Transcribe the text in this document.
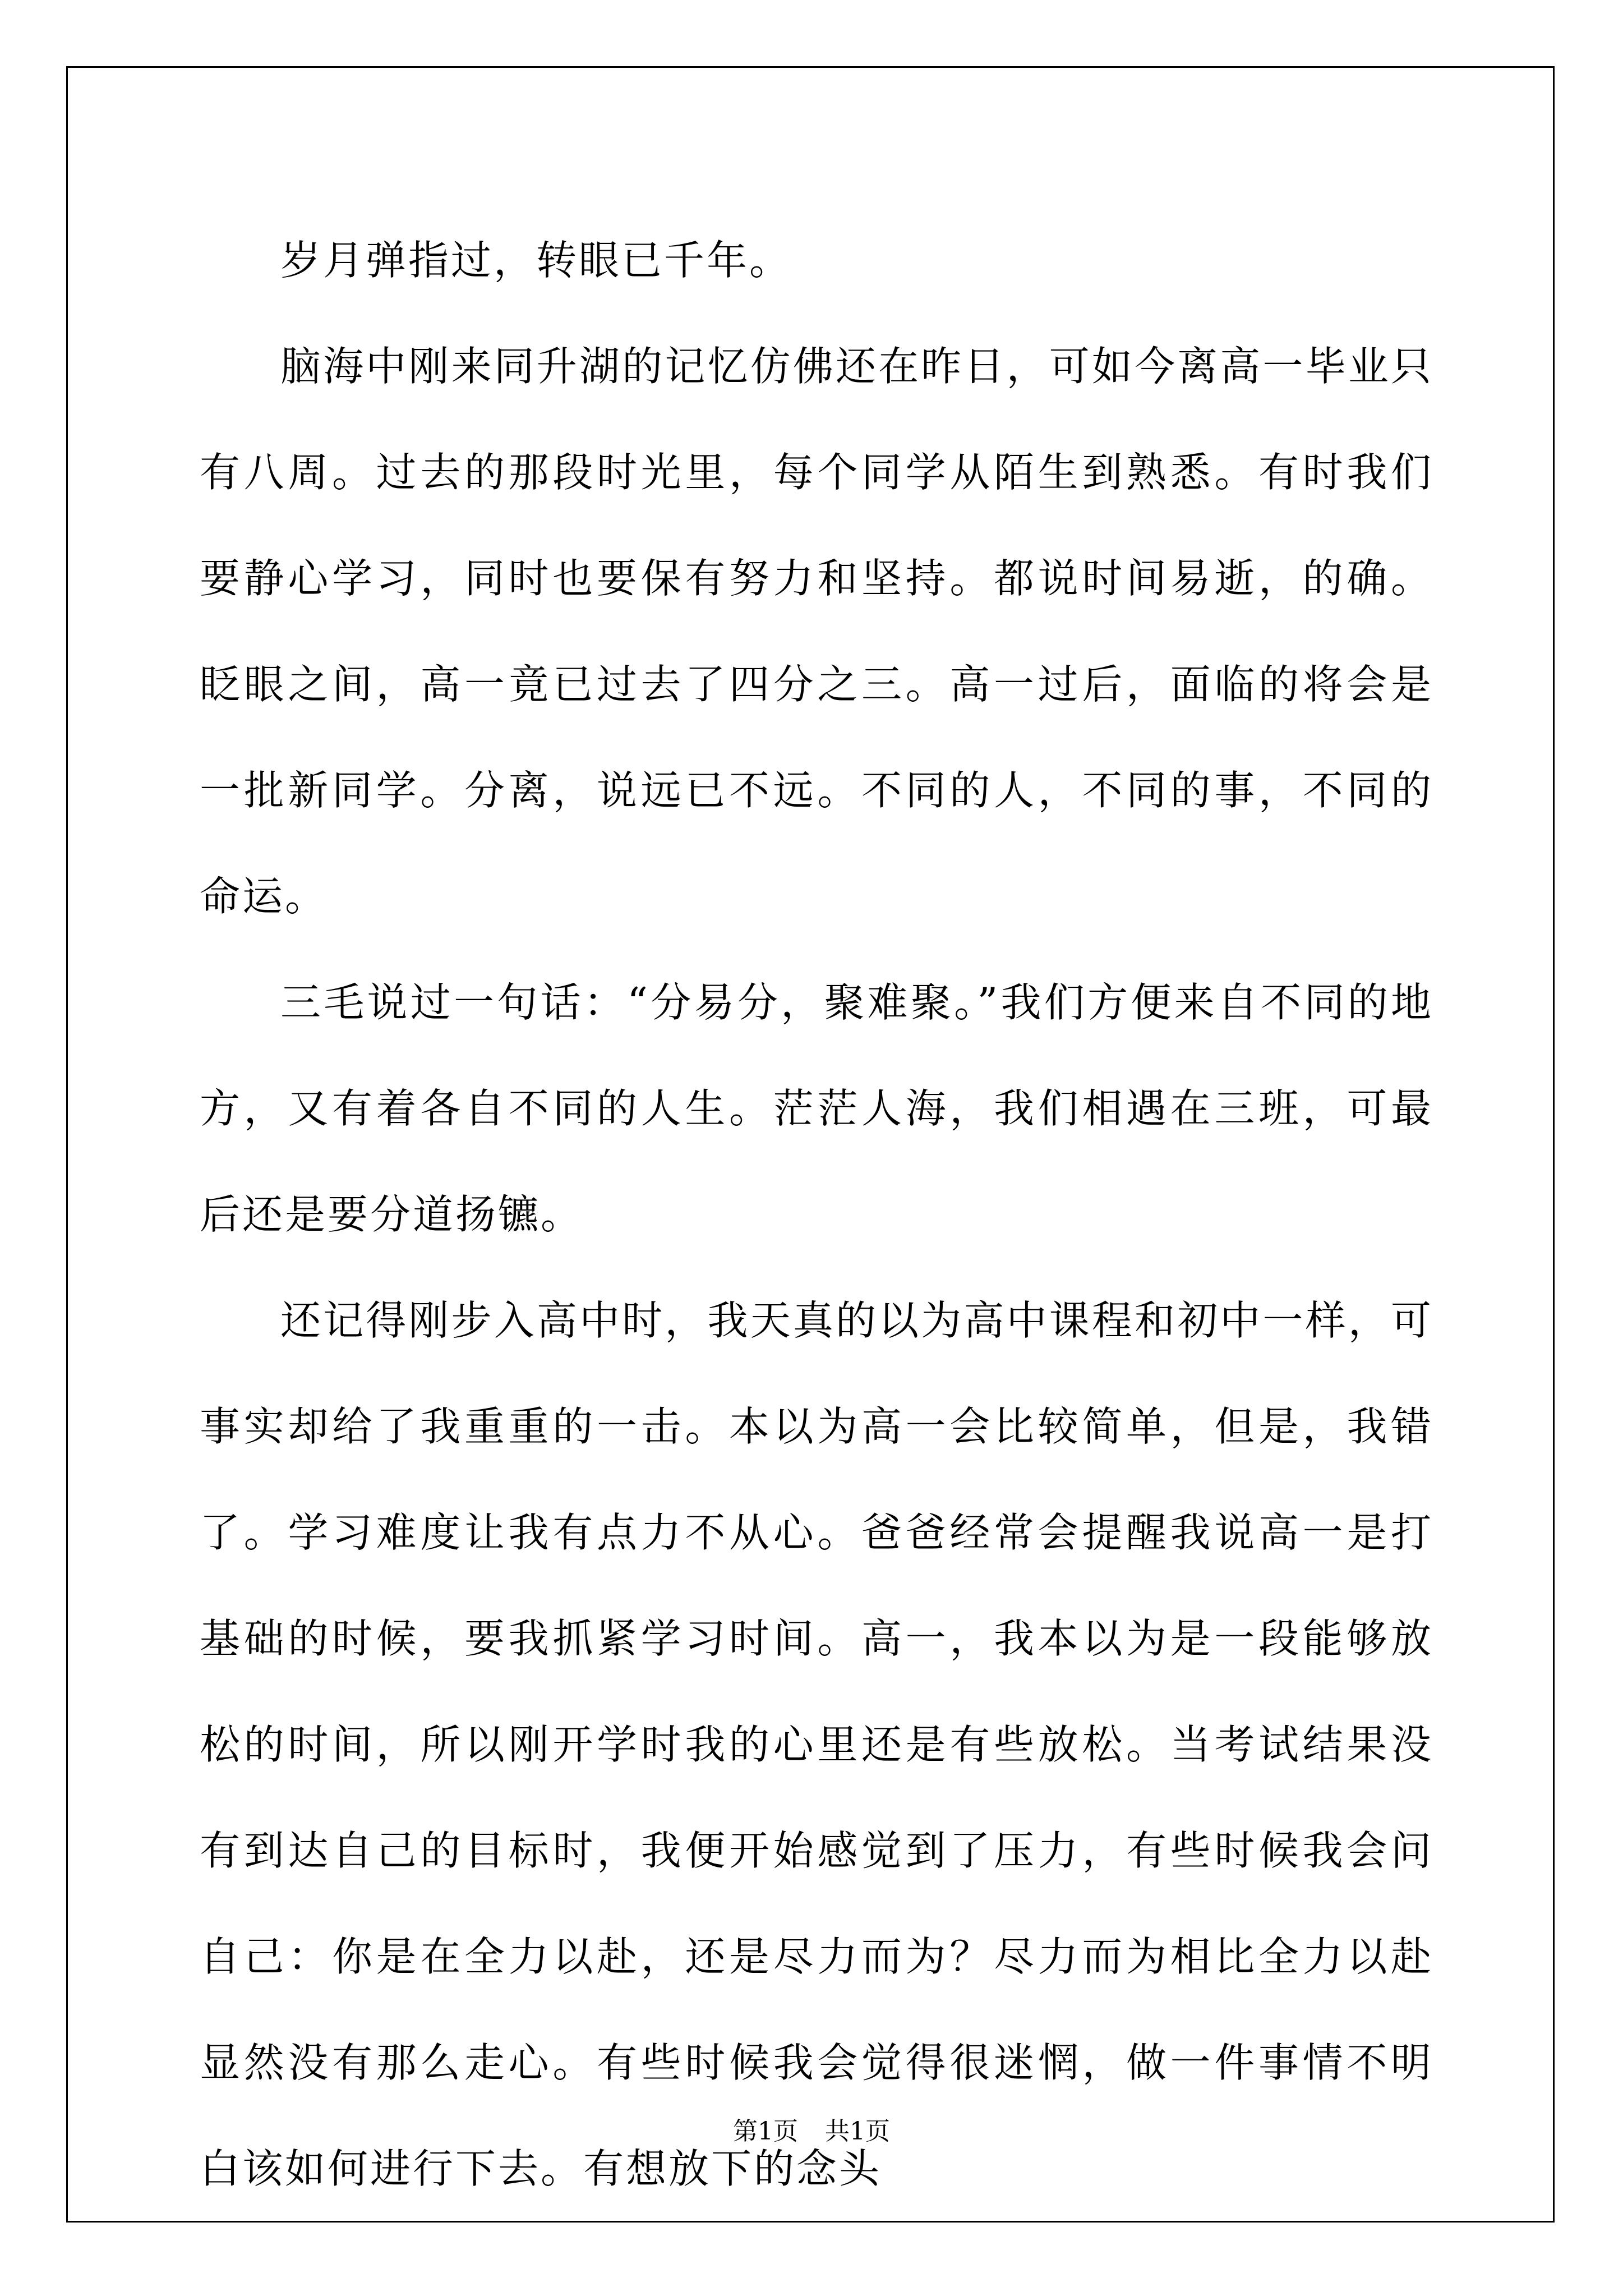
岁月弹指过，转眼已千年。

脑海中刚来同升湖的记忆仿佛还在昨日，可如今离高一毕业只有八周。过去的那段时光里，每个同学从陌生到熟悉。有时我们要静心学习，同时也要保有努力和坚持。都说时间易逝，的确。眨眼之间，高一竟已过去了四分之三。高一过后，面临的将会是一批新同学。分离，说远已不远。不同的人，不同的事，不同的命运。

三毛说过一句话：“分易分，聚难聚。”我们方便来自不同的地方，又有着各自不同的人生。茫茫人海，我们相遇在三班，可最后还是要分道扬镳。

还记得刚步入高中时，我天真的以为高中课程和初中一样，可事实却给了我重重的一击。本以为高一会比较简单，但是，我错了。学习难度让我有点力不从心。爸爸经常会提醒我说高一是打基础的时候，要我抓紧学习时间。高一，我本以为是一段能够放松的时间，所以刚开学时我的心里还是有些放松。当考试结果没有到达自己的目标时，我便开始感觉到了压力，有些时候我会问自己：你是在全力以赴，还是尽力而为？尽力而为相比全力以赴显然没有那么走心。有些时候我会觉得很迷惘，做一件事情不明白该如何进行下去。有想放下的念头

第1页 共1页
